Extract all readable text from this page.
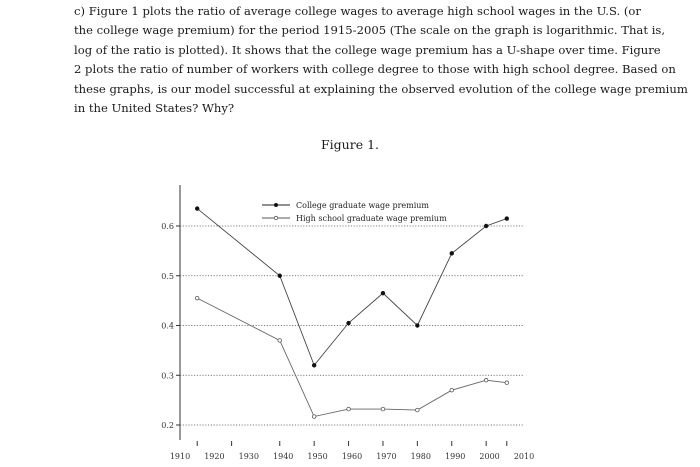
c) Figure 1 plots the ratio of average college wages to average high school wages in the U.S. (or
the college wage premium) for the period 1915-2005 (The scale on the graph is logarithmic. That is,
log of the ratio is plotted). It shows that the college wage premium has a U-shape over time. Figure
2 plots the ratio of number of workers with college degree to those with high school degree. Based on
these graphs, is our model successful at explaining the observed evolution of the college wage premium
in the United States? Why?
Figure 1.
0.6
0.5
0.4
0.3
0.2
1910 1920 1930 1940 1950 1960 1970 1980 1990 2000 2010
College graduate wage premium
High school graduate wage premium
